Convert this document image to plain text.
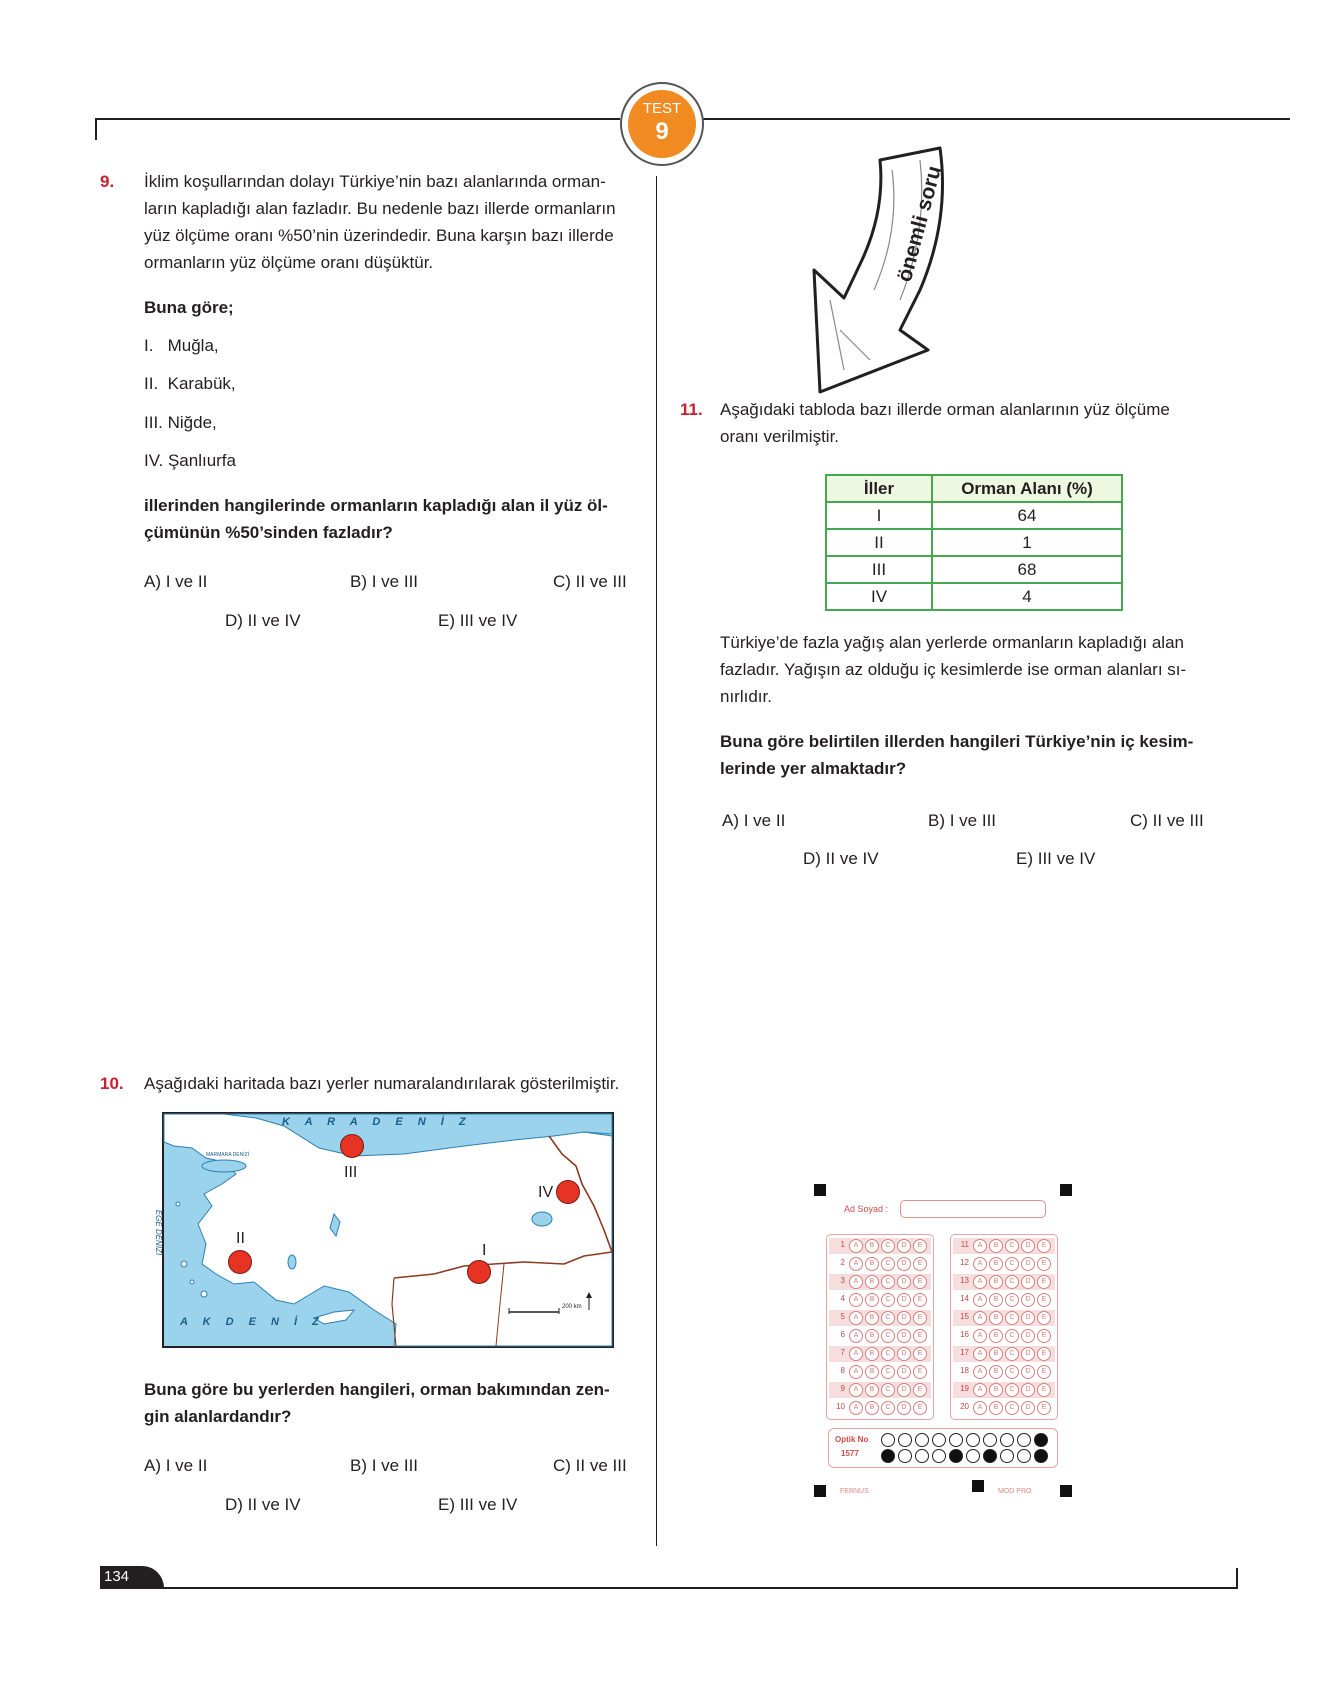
TEST
9
9. İklim koşullarından dolayı Türkiye’nin bazı alanlarında orman-
ların kapladığı alan fazladır. Bu nedenle bazı illerde ormanların
yüz ölçüme oranı %50’nin üzerindedir. Buna karşın bazı illerde
ormanların yüz ölçüme oranı düşüktür.
Buna göre;
I.   Muğla,
II.  Karabük,
III. Niğde,
IV. Şanlıurfa
illerinden hangilerinde ormanların kapladığı alan il yüz öl-
çümünün %50’sinden fazladır?
A) I ve II	B) I ve III	C) II ve III
D) II ve IV	E) III ve IV
10. Aşağıdaki haritada bazı yerler numaralandırılarak gösterilmiştir.
K A R A D E N İ Z
A K D E N İ Z
EGE DENİZİ
MARMARA DENİZİ
200 km
III
IV
II
I
Buna göre bu yerlerden hangileri, orman bakımından zen-
gin alanlardandır?
A) I ve II	B) I ve III	C) II ve III
D) II ve IV	E) III ve IV
önemli soru
11. Aşağıdaki tabloda bazı illerde orman alanlarının yüz ölçüme
oranı verilmiştir.
İller	Orman Alanı (%)
I	64
II	1
III	68
IV	4
Türkiye’de fazla yağış alan yerlerde ormanların kapladığı alan
fazladır. Yağışın az olduğu iç kesimlerde ise orman alanları sı-
nırlıdır.
Buna göre belirtilen illerden hangileri Türkiye’nin iç kesim-
lerinde yer almaktadır?
A) I ve II	B) I ve III	C) II ve III
D) II ve IV	E) III ve IV
Ad Soyad :
1	A	B	C	D	E
2	A	B	C	D	E
3	A	B	C	D	E
4	A	B	C	D	E
5	A	B	C	D	E
6	A	B	C	D	E
7	A	B	C	D	E
8	A	B	C	D	E
9	A	B	C	D	E
10	A	B	C	D	E
11	A	B	C	D	E
12	A	B	C	D	E
13	A	B	C	D	E
14	A	B	C	D	E
15	A	B	C	D	E
16	A	B	C	D	E
17	A	B	C	D	E
18	A	B	C	D	E
19	A	B	C	D	E
20	A	B	C	D	E
Optik No
1577
FERNUS	MOD PRO
134
